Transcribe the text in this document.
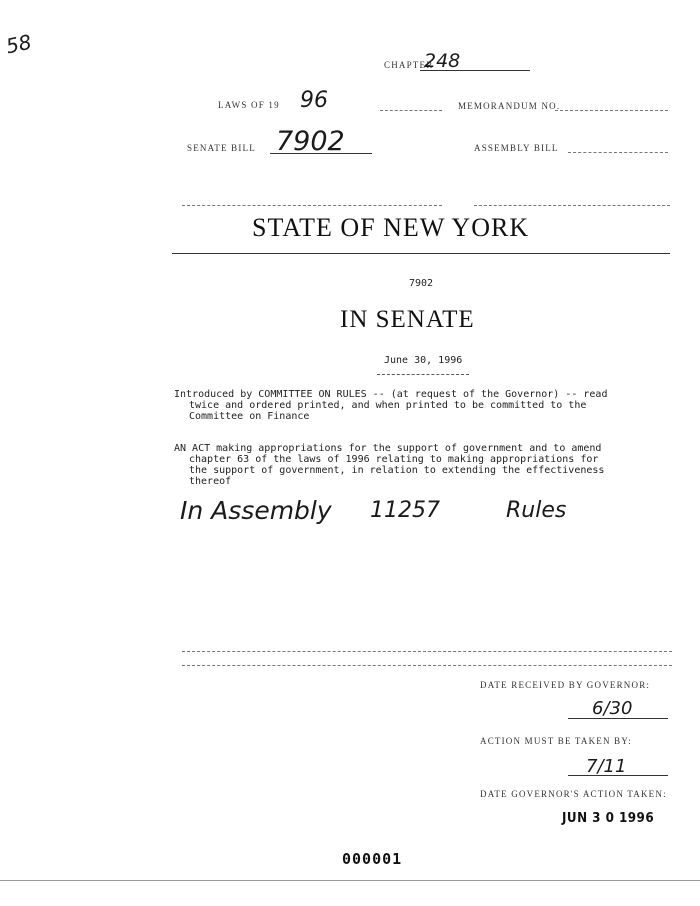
58
CHAPTER
248
LAWS OF 19 96	MEMORANDUM NO.
SENATE BILL 7902	ASSEMBLY BILL
STATE OF NEW YORK
7902
IN SENATE
June 30, 1996
Introduced by COMMITTEE ON RULES -- (at request of the Governor) -- read
twice and ordered printed, and when printed to be committed to the
Committee on Finance
AN ACT making appropriations for the support of government and to amend
chapter 63 of the laws of 1996 relating to making appropriations for
the support of government, in relation to extending the effectiveness
thereof
In Assembly 11257	Rules
DATE RECEIVED BY GOVERNOR:
6/30
ACTION MUST BE TAKEN BY:
7/11
DATE GOVERNOR'S ACTION TAKEN:
JUN 3 0 1996
000001
